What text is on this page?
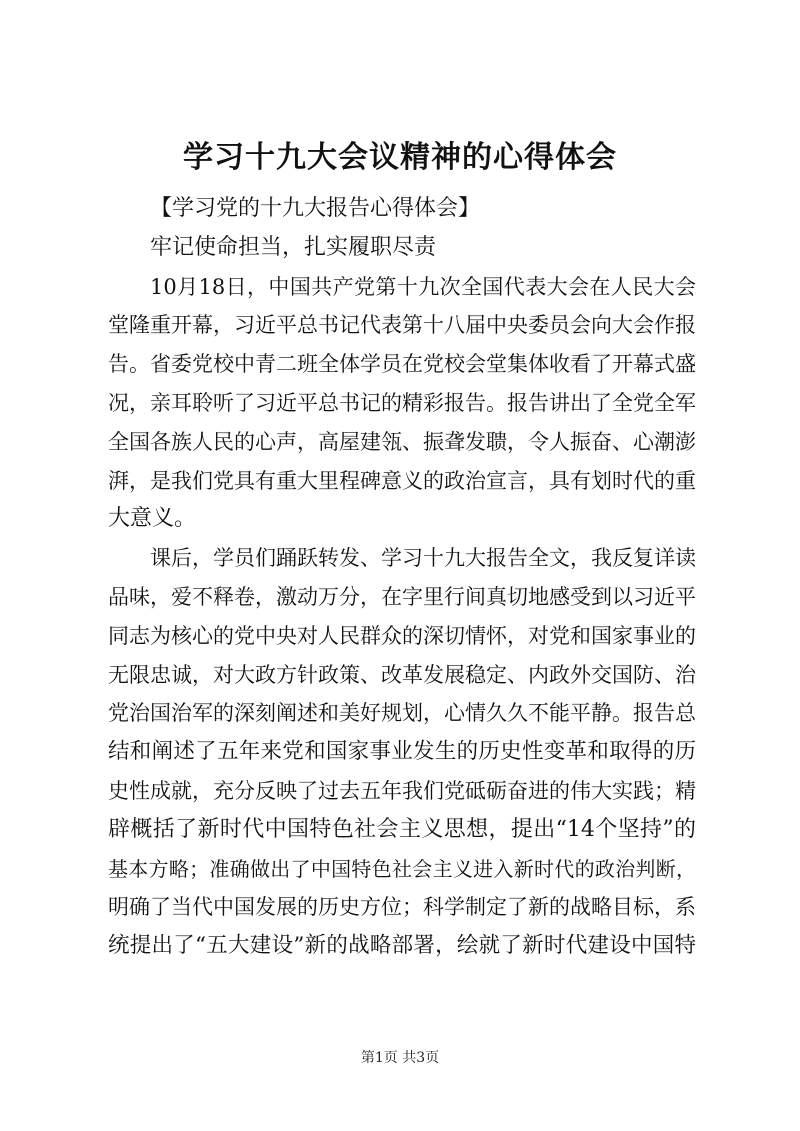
学习十九大会议精神的心得体会
【学习党的十九大报告心得体会】
牢记使命担当，扎实履职尽责
10月18日，中国共产党第十九次全国代表大会在人民大会
堂隆重开幕，习近平总书记代表第十八届中央委员会向大会作报
告。省委党校中青二班全体学员在党校会堂集体收看了开幕式盛
况，亲耳聆听了习近平总书记的精彩报告。报告讲出了全党全军
全国各族人民的心声，高屋建瓴、振聋发聩，令人振奋、心潮澎
湃，是我们党具有重大里程碑意义的政治宣言，具有划时代的重
大意义。
课后，学员们踊跃转发、学习十九大报告全文，我反复详读
品味，爱不释卷，激动万分，在字里行间真切地感受到以习近平
同志为核心的党中央对人民群众的深切情怀，对党和国家事业的
无限忠诚，对大政方针政策、改革发展稳定、内政外交国防、治
党治国治军的深刻阐述和美好规划，心情久久不能平静。报告总
结和阐述了五年来党和国家事业发生的历史性变革和取得的历
史性成就，充分反映了过去五年我们党砥砺奋进的伟大实践；精
辟概括了新时代中国特色社会主义思想，提出“14个坚持”的
基本方略；准确做出了中国特色社会主义进入新时代的政治判断，
明确了当代中国发展的历史方位；科学制定了新的战略目标，系
统提出了“五大建设”新的战略部署，绘就了新时代建设中国特
第1页 共3页
